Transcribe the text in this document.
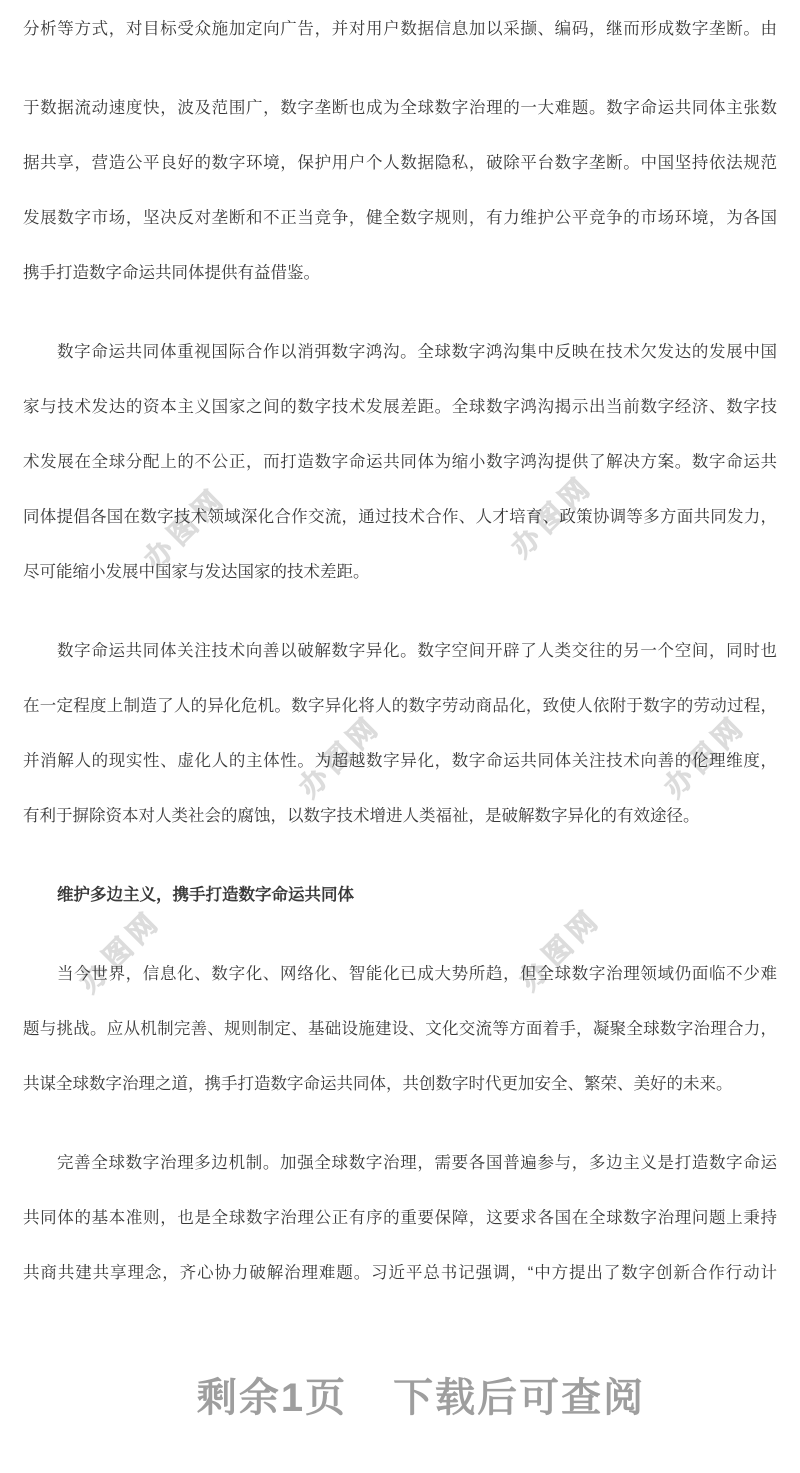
办图网	办图网
办图网	办图网
办图网	办图网
分析等方式，对目标受众施加定向广告，并对用户数据信息加以采撷、编码，继而形成数字垄断。由
于数据流动速度快，波及范围广，数字垄断也成为全球数字治理的一大难题。数字命运共同体主张数
据共享，营造公平良好的数字环境，保护用户个人数据隐私，破除平台数字垄断。中国坚持依法规范
发展数字市场，坚决反对垄断和不正当竞争，健全数字规则，有力维护公平竞争的市场环境，为各国
携手打造数字命运共同体提供有益借鉴。
数字命运共同体重视国际合作以消弭数字鸿沟。全球数字鸿沟集中反映在技术欠发达的发展中国
家与技术发达的资本主义国家之间的数字技术发展差距。全球数字鸿沟揭示出当前数字经济、数字技
术发展在全球分配上的不公正，而打造数字命运共同体为缩小数字鸿沟提供了解决方案。数字命运共
同体提倡各国在数字技术领域深化合作交流，通过技术合作、人才培育、政策协调等多方面共同发力，
尽可能缩小发展中国家与发达国家的技术差距。
数字命运共同体关注技术向善以破解数字异化。数字空间开辟了人类交往的另一个空间，同时也
在一定程度上制造了人的异化危机。数字异化将人的数字劳动商品化，致使人依附于数字的劳动过程，
并消解人的现实性、虚化人的主体性。为超越数字异化，数字命运共同体关注技术向善的伦理维度，
有利于摒除资本对人类社会的腐蚀，以数字技术增进人类福祉，是破解数字异化的有效途径。
维护多边主义，携手打造数字命运共同体
当今世界，信息化、数字化、网络化、智能化已成大势所趋，但全球数字治理领域仍面临不少难
题与挑战。应从机制完善、规则制定、基础设施建设、文化交流等方面着手，凝聚全球数字治理合力，
共谋全球数字治理之道，携手打造数字命运共同体，共创数字时代更加安全、繁荣、美好的未来。
完善全球数字治理多边机制。加强全球数字治理，需要各国普遍参与，多边主义是打造数字命运
共同体的基本准则，也是全球数字治理公正有序的重要保障，这要求各国在全球数字治理问题上秉持
共商共建共享理念，齐心协力破解治理难题。习近平总书记强调，“中方提出了数字创新合作行动计
剩余1页 下载后可查阅
